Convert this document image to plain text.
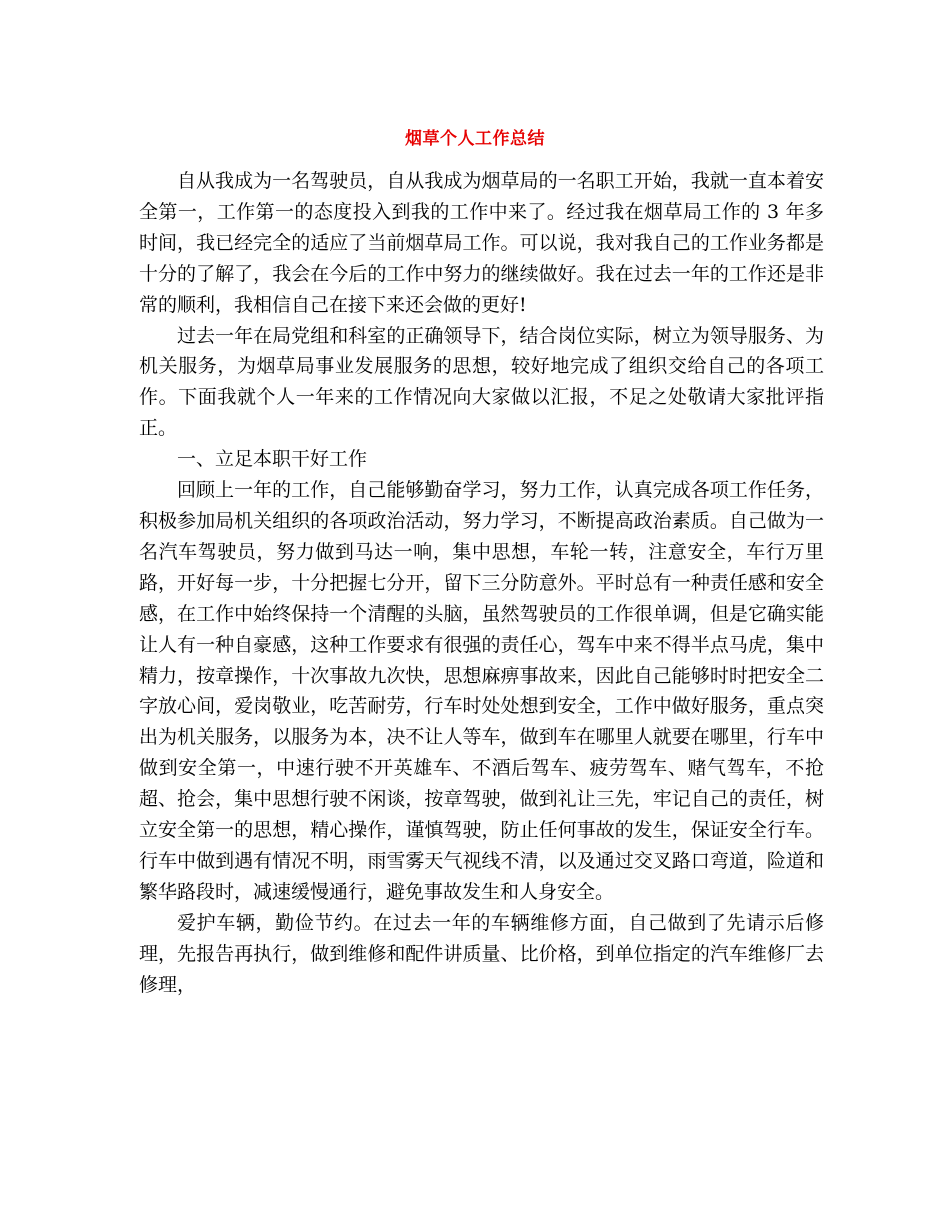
烟草个人工作总结

自从我成为一名驾驶员，自从我成为烟草局的一名职工开始，我就一直本着安全第一，工作第一的态度投入到我的工作中来了。经过我在烟草局工作的 3 年多时间，我已经完全的适应了当前烟草局工作。可以说，我对我自己的工作业务都是十分的了解了，我会在今后的工作中努力的继续做好。我在过去一年的工作还是非常的顺利，我相信自己在接下来还会做的更好!

过去一年在局党组和科室的正确领导下，结合岗位实际，树立为领导服务、为机关服务，为烟草局事业发展服务的思想，较好地完成了组织交给自己的各项工作。下面我就个人一年来的工作情况向大家做以汇报，不足之处敬请大家批评指正。

一、立足本职干好工作

回顾上一年的工作，自己能够勤奋学习，努力工作，认真完成各项工作任务，积极参加局机关组织的各项政治活动，努力学习，不断提高政治素质。自己做为一名汽车驾驶员，努力做到马达一响，集中思想，车轮一转，注意安全，车行万里路，开好每一步，十分把握七分开，留下三分防意外。平时总有一种责任感和安全感，在工作中始终保持一个清醒的头脑，虽然驾驶员的工作很单调，但是它确实能让人有一种自豪感，这种工作要求有很强的责任心，驾车中来不得半点马虎，集中精力，按章操作，十次事故九次快，思想麻痹事故来，因此自己能够时时把安全二字放心间，爱岗敬业，吃苦耐劳，行车时处处想到安全，工作中做好服务，重点突出为机关服务，以服务为本，决不让人等车，做到车在哪里人就要在哪里，行车中做到安全第一，中速行驶不开英雄车、不酒后驾车、疲劳驾车、赌气驾车，不抢超、抢会，集中思想行驶不闲谈，按章驾驶，做到礼让三先，牢记自己的责任，树立安全第一的思想，精心操作，谨慎驾驶，防止任何事故的发生，保证安全行车。行车中做到遇有情况不明，雨雪雾天气视线不清，以及通过交叉路口弯道，险道和繁华路段时，减速缓慢通行，避免事故发生和人身安全。

爱护车辆，勤俭节约。在过去一年的车辆维修方面，自己做到了先请示后修理，先报告再执行，做到维修和配件讲质量、比价格，到单位指定的汽车维修厂去修理，
